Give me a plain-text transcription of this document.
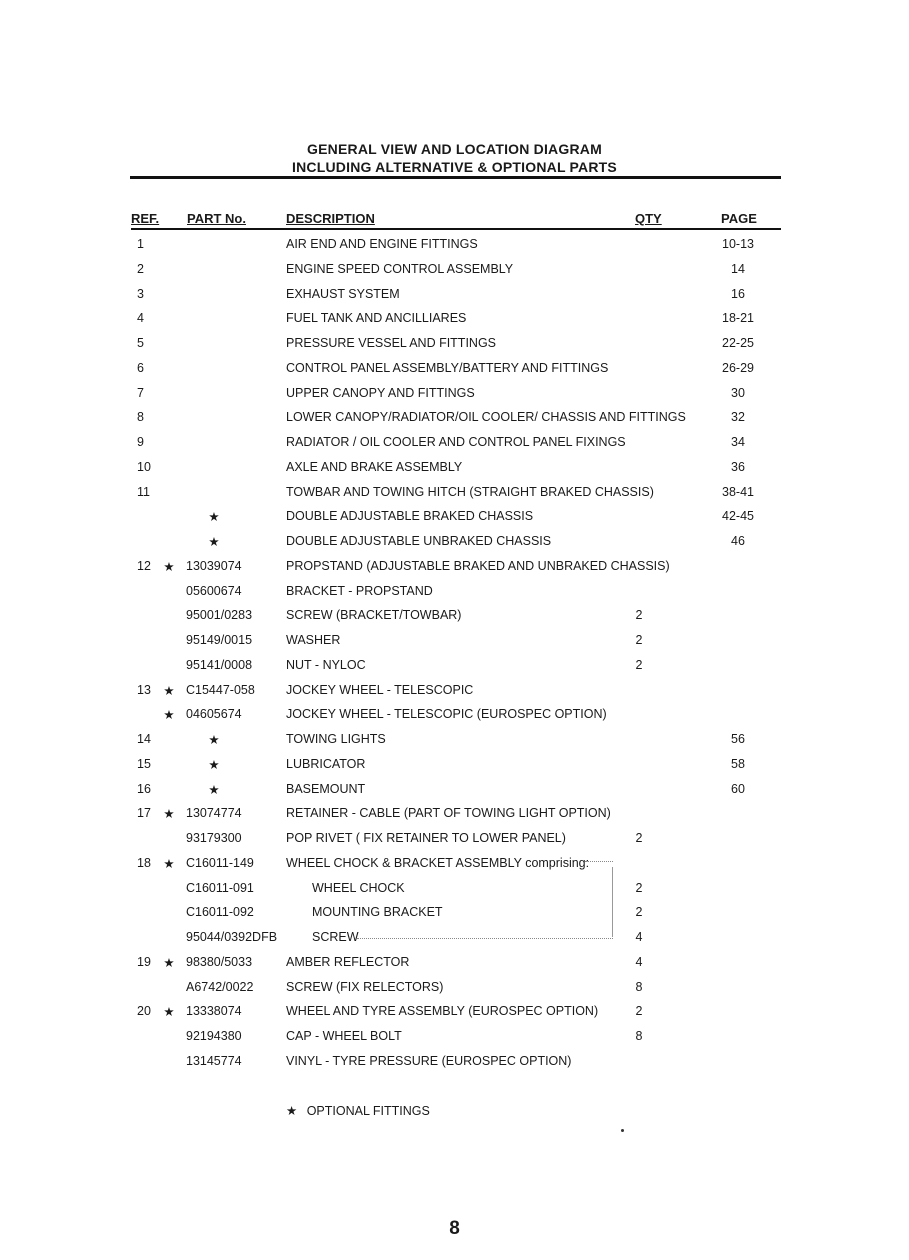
GENERAL VIEW AND LOCATION DIAGRAM
INCLUDING ALTERNATIVE & OPTIONAL PARTS
REF. PART No.	DESCRIPTION	QTY	PAGE
1	AIR END AND ENGINE FITTINGS	10-13
2	ENGINE SPEED CONTROL ASSEMBLY	14
3	EXHAUST SYSTEM	16
4	FUEL TANK AND ANCILLIARES	18-21
5	PRESSURE VESSEL AND FITTINGS	22-25
6	CONTROL PANEL ASSEMBLY/BATTERY AND FITTINGS	26-29
7	UPPER CANOPY AND FITTINGS	30
8	LOWER CANOPY/RADIATOR/OIL COOLER/ CHASSIS AND FITTINGS	32
9	RADIATOR / OIL COOLER AND CONTROL PANEL FIXINGS	34
10	AXLE AND BRAKE ASSEMBLY	36
11	TOWBAR AND TOWING HITCH (STRAIGHT BRAKED CHASSIS)	38-41
★	DOUBLE ADJUSTABLE BRAKED CHASSIS	42-45
★	DOUBLE ADJUSTABLE UNBRAKED CHASSIS	46
12 ★ 13039074	PROPSTAND (ADJUSTABLE BRAKED AND UNBRAKED CHASSIS)
05600674	BRACKET - PROPSTAND
95001/0283	SCREW (BRACKET/TOWBAR)	2
95149/0015	WASHER	2
95141/0008	NUT - NYLOC	2
13 ★ C15447-058 JOCKEY WHEEL - TELESCOPIC
★ 04605674	JOCKEY WHEEL - TELESCOPIC (EUROSPEC OPTION)
14	★	TOWING LIGHTS	56
15	★	LUBRICATOR	58
16	★	BASEMOUNT	60
17 ★ 13074774	RETAINER - CABLE (PART OF TOWING LIGHT OPTION)
93179300	POP RIVET ( FIX RETAINER TO LOWER PANEL)	2
18 ★ C16011-149	WHEEL CHOCK & BRACKET ASSEMBLY comprising:
C16011-091	WHEEL CHOCK	2
C16011-092	MOUNTING BRACKET	2
95044/0392DFB	SCREW	4
19 ★ 98380/5033	AMBER REFLECTOR	4
A6742/0022	SCREW (FIX RELECTORS)	8
20 ★ 13338074	WHEEL AND TYRE ASSEMBLY (EUROSPEC OPTION)	2
92194380	CAP - WHEEL BOLT	8
13145774	VINYL - TYRE PRESSURE (EUROSPEC OPTION)
★ OPTIONAL FITTINGS
8
